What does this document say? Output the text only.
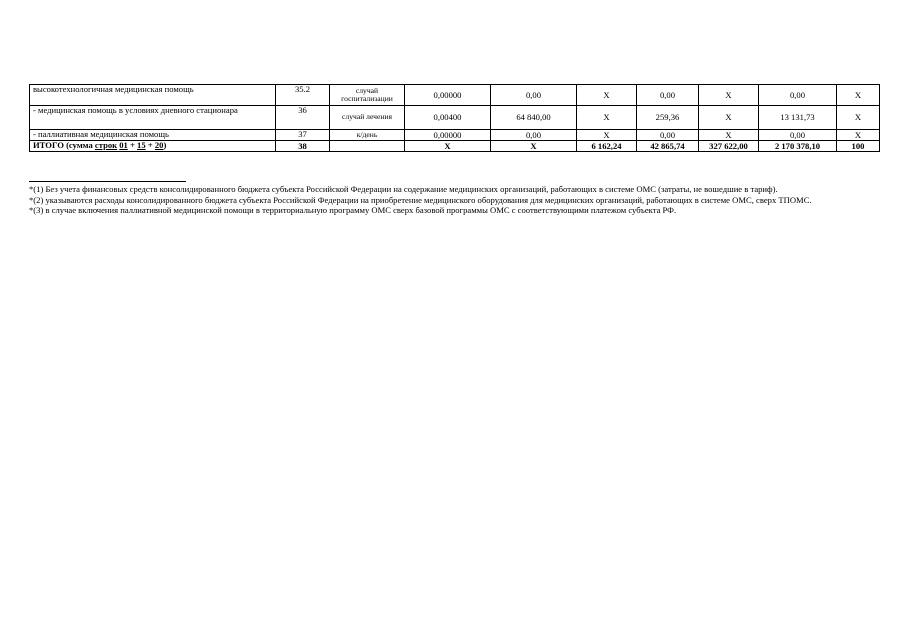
высокотехнологичная медицинская помощь	35.2	случай госпитализации	0,00000	0,00	X	0,00	X	0,00	X
- медицинская помощь в условиях дневного стационара	36	случай лечения	0,00400	64 840,00	X	259,36	X	13 131,73	X
- паллиативная медицинская помощь	37	к/день	0,00000	0,00	X	0,00	X	0,00	X
ИТОГО (сумма строк 01 + 15 + 20)	38		X	X	6 162,24	42 865,74	327 622,00	2 170 378,10	100

*(1) Без учета финансовых средств консолидированного бюджета субъекта Российской Федерации на содержание медицинских организаций, работающих в системе ОМС (затраты, не вошедшие в тариф).

*(2) указываются расходы консолидированного бюджета субъекта Российской Федерации на приобретение медицинского оборудования для медицинских организаций, работающих в системе ОМС, сверх ТПОМС.

*(3) в случае включения паллиативной медицинской помощи в территориальную программу ОМС сверх базовой программы ОМС с соответствующими платежом субъекта РФ.
